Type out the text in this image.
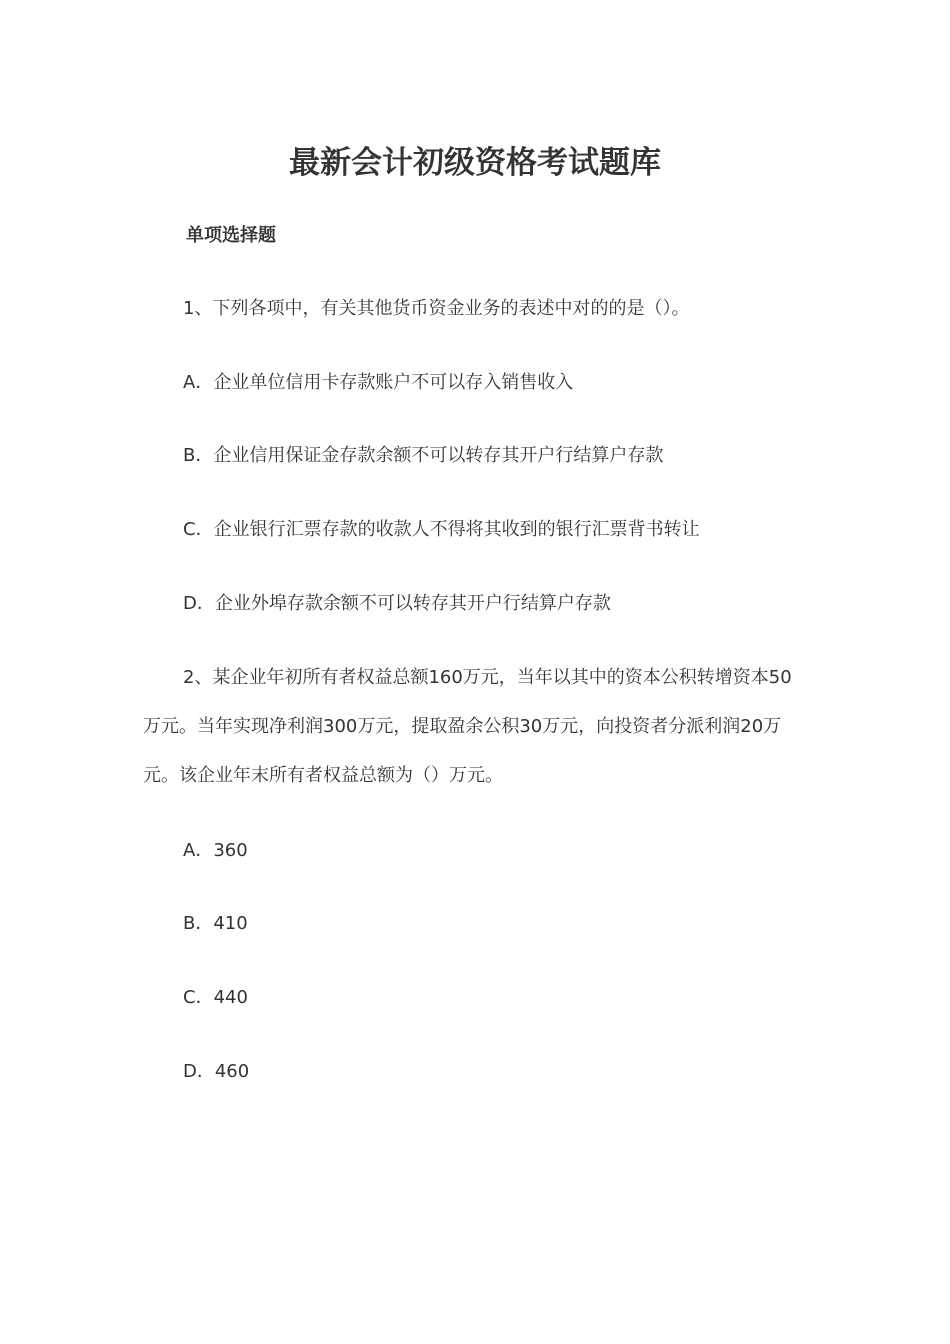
最新会计初级资格考试题库
单项选择题
1、下列各项中，有关其他货币资金业务的表述中对的的是（）。
A．企业单位信用卡存款账户不可以存入销售收入
B．企业信用保证金存款余额不可以转存其开户行结算户存款
C．企业银行汇票存款的收款人不得将其收到的银行汇票背书转让
D．企业外埠存款余额不可以转存其开户行结算户存款

2、某企业年初所有者权益总额160万元，当年以其中的资本公积转增资本50万元。当年实现净利润300万元，提取盈余公积30万元，向投资者分派利润20万元。该企业年末所有者权益总额为（）万元。

A．360
B．410
C．440
D．460
